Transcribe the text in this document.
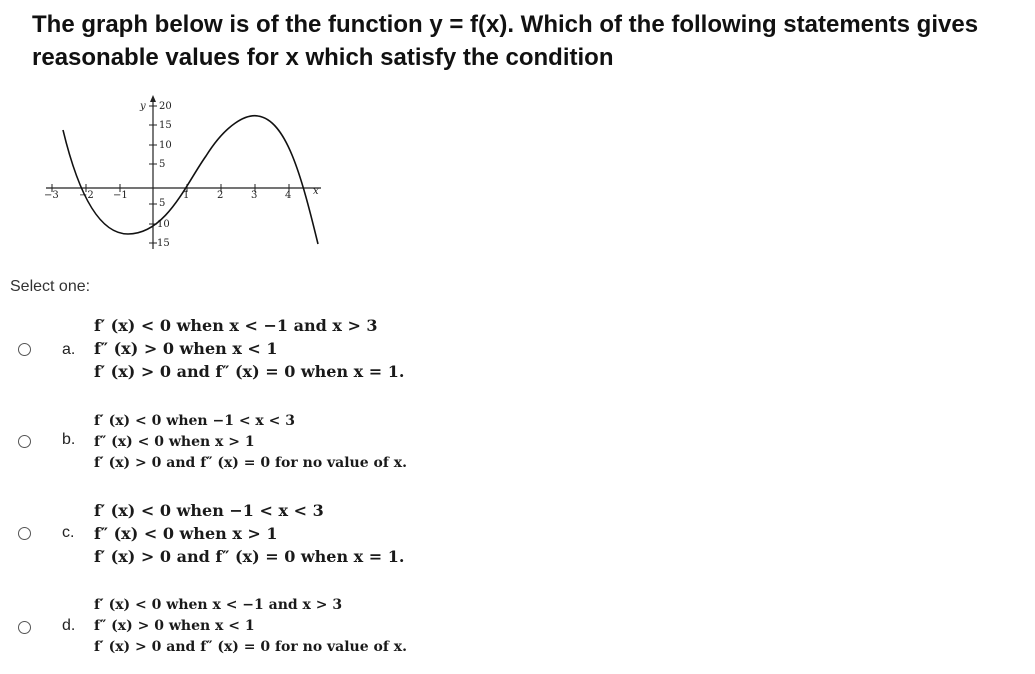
The graph below is of the function y = f(x). Which of the following statements gives
reasonable values for x which satisfy the condition
y 20
15
10
5
5
10
15
−3 −2 −1	1	2	3	4 x
Select one:
a.
f′ (x) < 0 when x < −1 and x > 3
f″ (x) > 0 when x < 1
f′ (x) > 0 and f″ (x) = 0 when x = 1.
b.
f′ (x) < 0 when −1 < x < 3
f″ (x) < 0 when x > 1
f′ (x) > 0 and f″ (x) = 0 for no value of x.
c.
f′ (x) < 0 when −1 < x < 3
f″ (x) < 0 when x > 1
f′ (x) > 0 and f″ (x) = 0 when x = 1.
d.
f′ (x) < 0 when x < −1 and x > 3
f″ (x) > 0 when x < 1
f′ (x) > 0 and f″ (x) = 0 for no value of x.
